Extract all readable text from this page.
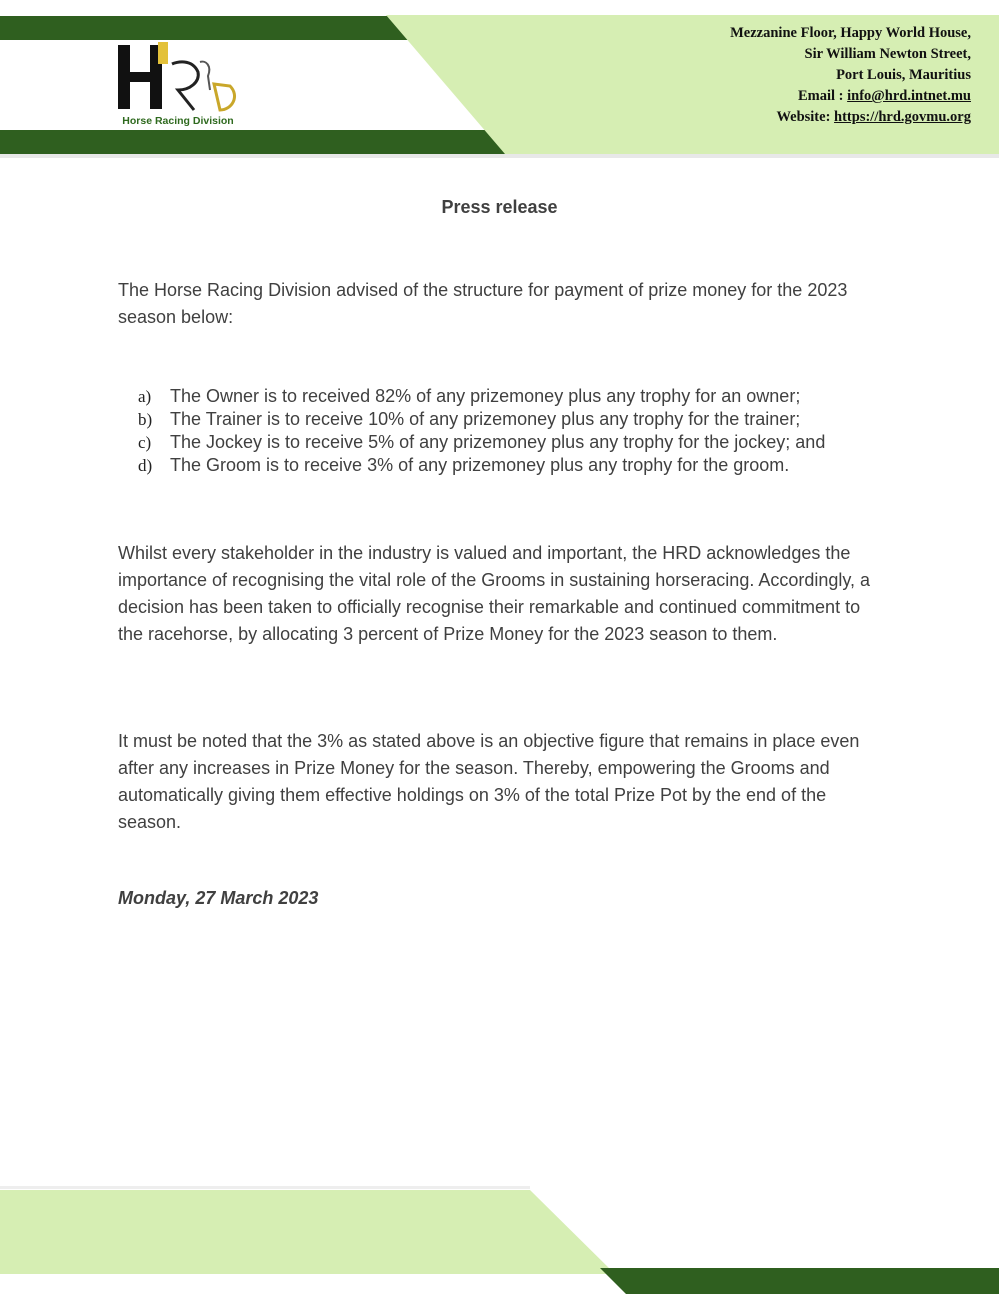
Horse Racing Division
Mezzanine Floor, Happy World House,
Sir William Newton Street,
Port Louis, Mauritius
Email : info@hrd.intnet.mu
Website: https://hrd.govmu.org
Press release

The Horse Racing Division advised of the structure for payment of prize money for the 2023 season below:

a)	The Owner is to received 82% of any prizemoney plus any trophy for an owner;
b) The Trainer is to receive 10% of any prizemoney plus any trophy for the trainer;
c)	The Jockey is to receive 5% of any prizemoney plus any trophy for the jockey; and
d) The Groom is to receive 3% of any prizemoney plus any trophy for the groom.

Whilst every stakeholder in the industry is valued and important, the HRD acknowledges the importance of recognising the vital role of the Grooms in sustaining horseracing. Accordingly, a decision has been taken to officially recognise their remarkable and continued commitment to the racehorse, by allocating 3 percent of Prize Money for the 2023 season to them.

It must be noted that the 3% as stated above is an objective figure that remains in place even after any increases in Prize Money for the season. Thereby, empowering the Grooms and automatically giving them effective holdings on 3% of the total Prize Pot by the end of the season.

Monday, 27 March 2023
